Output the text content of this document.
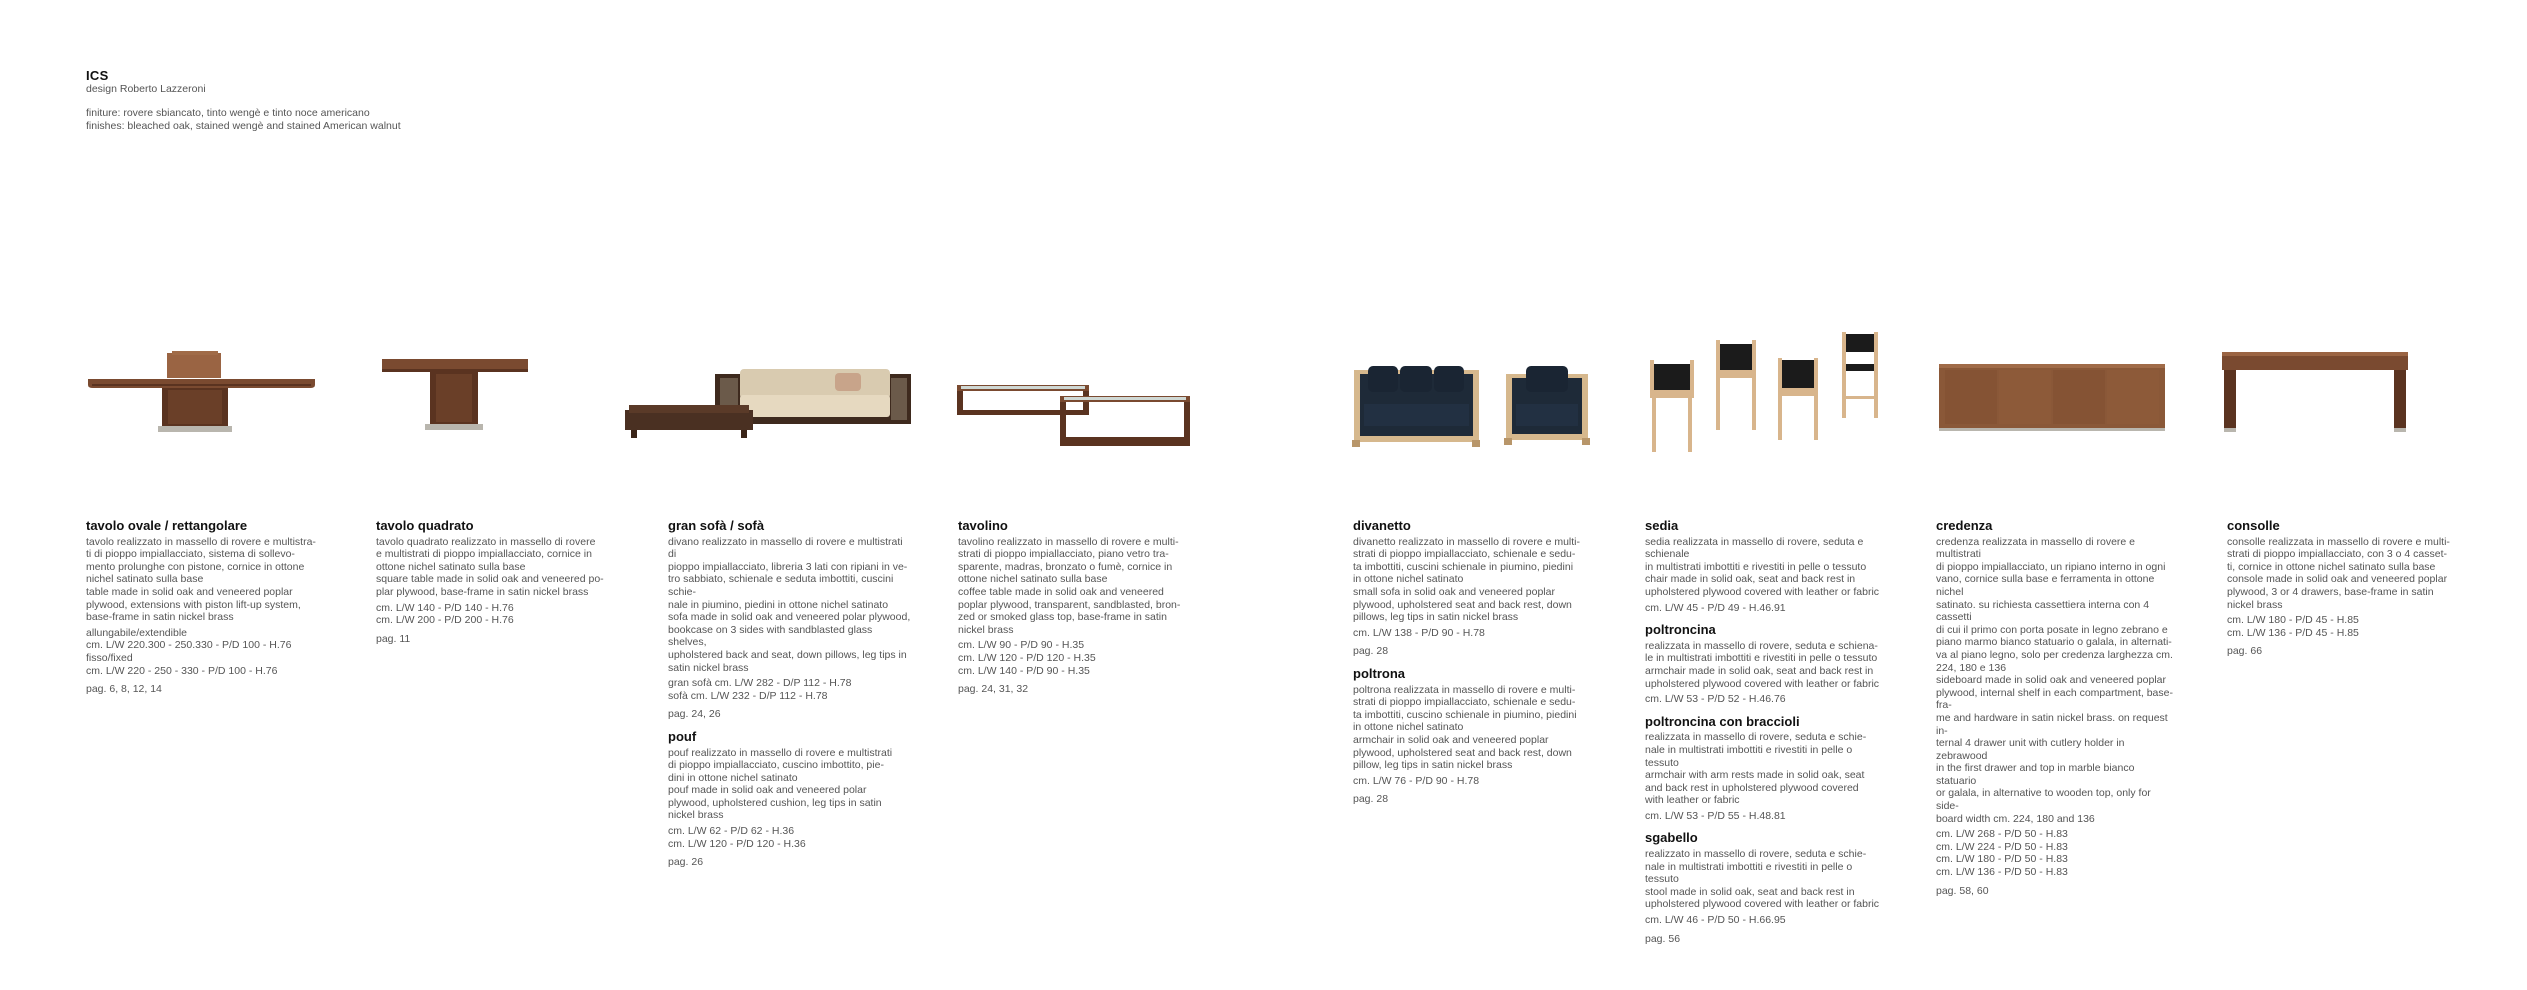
ICS
design Roberto Lazzeroni
finiture: rovere sbiancato, tinto wengè e tinto noce americano
finishes: bleached oak, stained wengè and stained American walnut
tavolo ovale / rettangolare

tavolo realizzato in massello di rovere e multistra-

ti di pioppo impiallacciato, sistema di sollevo-

mento prolunghe con pistone, cornice in ottone

nichel satinato sulla base

table made in solid oak and veneered poplar

plywood, extensions with piston lift-up system,

base-frame in satin nickel brass

allungabile/extendible

cm. L/W 220.300 - 250.330 - P/D 100 - H.76

fisso/fixed

cm. L/W 220 - 250 - 330 - P/D 100 - H.76

pag. 6, 8, 12, 14
tavolo quadrato

tavolo quadrato realizzato in massello di rovere

e multistrati di pioppo impiallacciato, cornice in

ottone nichel satinato sulla base

square table made in solid oak and veneered po-

plar plywood, base-frame in satin nickel brass

cm. L/W 140 - P/D 140 - H.76

cm. L/W 200 - P/D 200 - H.76

pag. 11
gran sofà / sofà

divano realizzato in massello di rovere e multistrati di

pioppo impiallacciato, libreria 3 lati con ripiani in ve-

tro sabbiato, schienale e seduta imbottiti, cuscini schie-

nale in piumino, piedini in ottone nichel satinato

sofa made in solid oak and veneered polar plywood,

bookcase on 3 sides with sandblasted glass shelves,

upholstered back and seat, down pillows, leg tips in

satin nickel brass

gran sofà cm. L/W 282 - D/P 112 - H.78

sofà cm. L/W 232 - D/P 112 - H.78

pag. 24, 26
pouf

pouf realizzato in massello di rovere e multistrati

di pioppo impiallacciato, cuscino imbottito, pie-

dini in ottone nichel satinato

pouf made in solid oak and veneered polar

plywood, upholstered cushion, leg tips in satin

nickel brass

cm. L/W 62 - P/D 62 - H.36

cm. L/W 120 - P/D 120 - H.36

pag. 26
tavolino

tavolino realizzato in massello di rovere e multi-

strati di pioppo impiallacciato, piano vetro tra-

sparente, madras, bronzato o fumè, cornice in

ottone nichel satinato sulla base

coffee table made in solid oak and veneered

poplar plywood, transparent, sandblasted, bron-

zed or smoked glass top, base-frame in satin

nickel brass

cm. L/W 90 - P/D 90 - H.35

cm. L/W 120 - P/D 120 - H.35

cm. L/W 140 - P/D 90 - H.35

pag. 24, 31, 32
divanetto

divanetto realizzato in massello di rovere e multi-

strati di pioppo impiallacciato, schienale e sedu-

ta imbottiti, cuscini schienale in piumino, piedini

in ottone nichel satinato

small sofa in solid oak and veneered poplar

plywood, upholstered seat and back rest, down

pillows, leg tips in satin nickel brass

cm. L/W 138 - P/D 90 - H.78

pag. 28
poltrona

poltrona realizzata in massello di rovere e multi-

strati di pioppo impiallacciato, schienale e sedu-

ta imbottiti, cuscino schienale in piumino, piedini

in ottone nichel satinato

armchair in solid oak and veneered poplar

plywood, upholstered seat and back rest, down

pillow, leg tips in satin nickel brass

cm. L/W 76 - P/D 90 - H.78

pag. 28
sedia

sedia realizzata in massello di rovere, seduta e schienale

in multistrati imbottiti e rivestiti in pelle o tessuto

chair made in solid oak, seat and back rest in

upholstered plywood covered with leather or fabric

cm. L/W 45 - P/D 49 - H.46.91

poltroncina

realizzata in massello di rovere, seduta e schiena-

le in multistrati imbottiti e rivestiti in pelle o tessuto

armchair made in solid oak, seat and back rest in

upholstered plywood covered with leather or fabric

cm. L/W 53 - P/D 52 - H.46.76

poltroncina con braccioli

realizzata in massello di rovere, seduta e schie-

nale in multistrati imbottiti e rivestiti in pelle o

tessuto

armchair with arm rests made in solid oak, seat

and back rest in upholstered plywood covered

with leather or fabric

cm. L/W 53 - P/D 55 - H.48.81

sgabello

realizzato in massello di rovere, seduta e schie-

nale in multistrati imbottiti e rivestiti in pelle o

tessuto

stool made in solid oak, seat and back rest in

upholstered plywood covered with leather or fabric

cm. L/W 46 - P/D 50 - H.66.95

pag. 56
credenza

credenza realizzata in massello di rovere e multistrati

di pioppo impiallacciato, un ripiano interno in ogni

vano, cornice sulla base e ferramenta in ottone nichel

satinato. su richiesta cassettiera interna con 4 cassetti

di cui il primo con porta posate in legno zebrano e

piano marmo bianco statuario o galala, in alternati-

va al piano legno, solo per credenza larghezza cm.

224, 180 e 136

sideboard made in solid oak and veneered poplar

plywood, internal shelf in each compartment, base-fra-

me and hardware in satin nickel brass. on request in-

ternal 4 drawer unit with cutlery holder in zebrawood

in the first drawer and top in marble bianco statuario

or galala, in alternative to wooden top, only for side-

board width cm. 224, 180 and 136

cm. L/W 268 - P/D 50 - H.83

cm. L/W 224 - P/D 50 - H.83

cm. L/W 180 - P/D 50 - H.83

cm. L/W 136 - P/D 50 - H.83

pag. 58, 60
consolle

consolle realizzata in massello di rovere e multi-

strati di pioppo impiallacciato, con 3 o 4 casset-

ti, cornice in ottone nichel satinato sulla base

console made in solid oak and veneered poplar

plywood, 3 or 4 drawers, base-frame in satin

nickel brass

cm. L/W 180 - P/D 45 - H.85

cm. L/W 136 - P/D 45 - H.85

pag. 66
